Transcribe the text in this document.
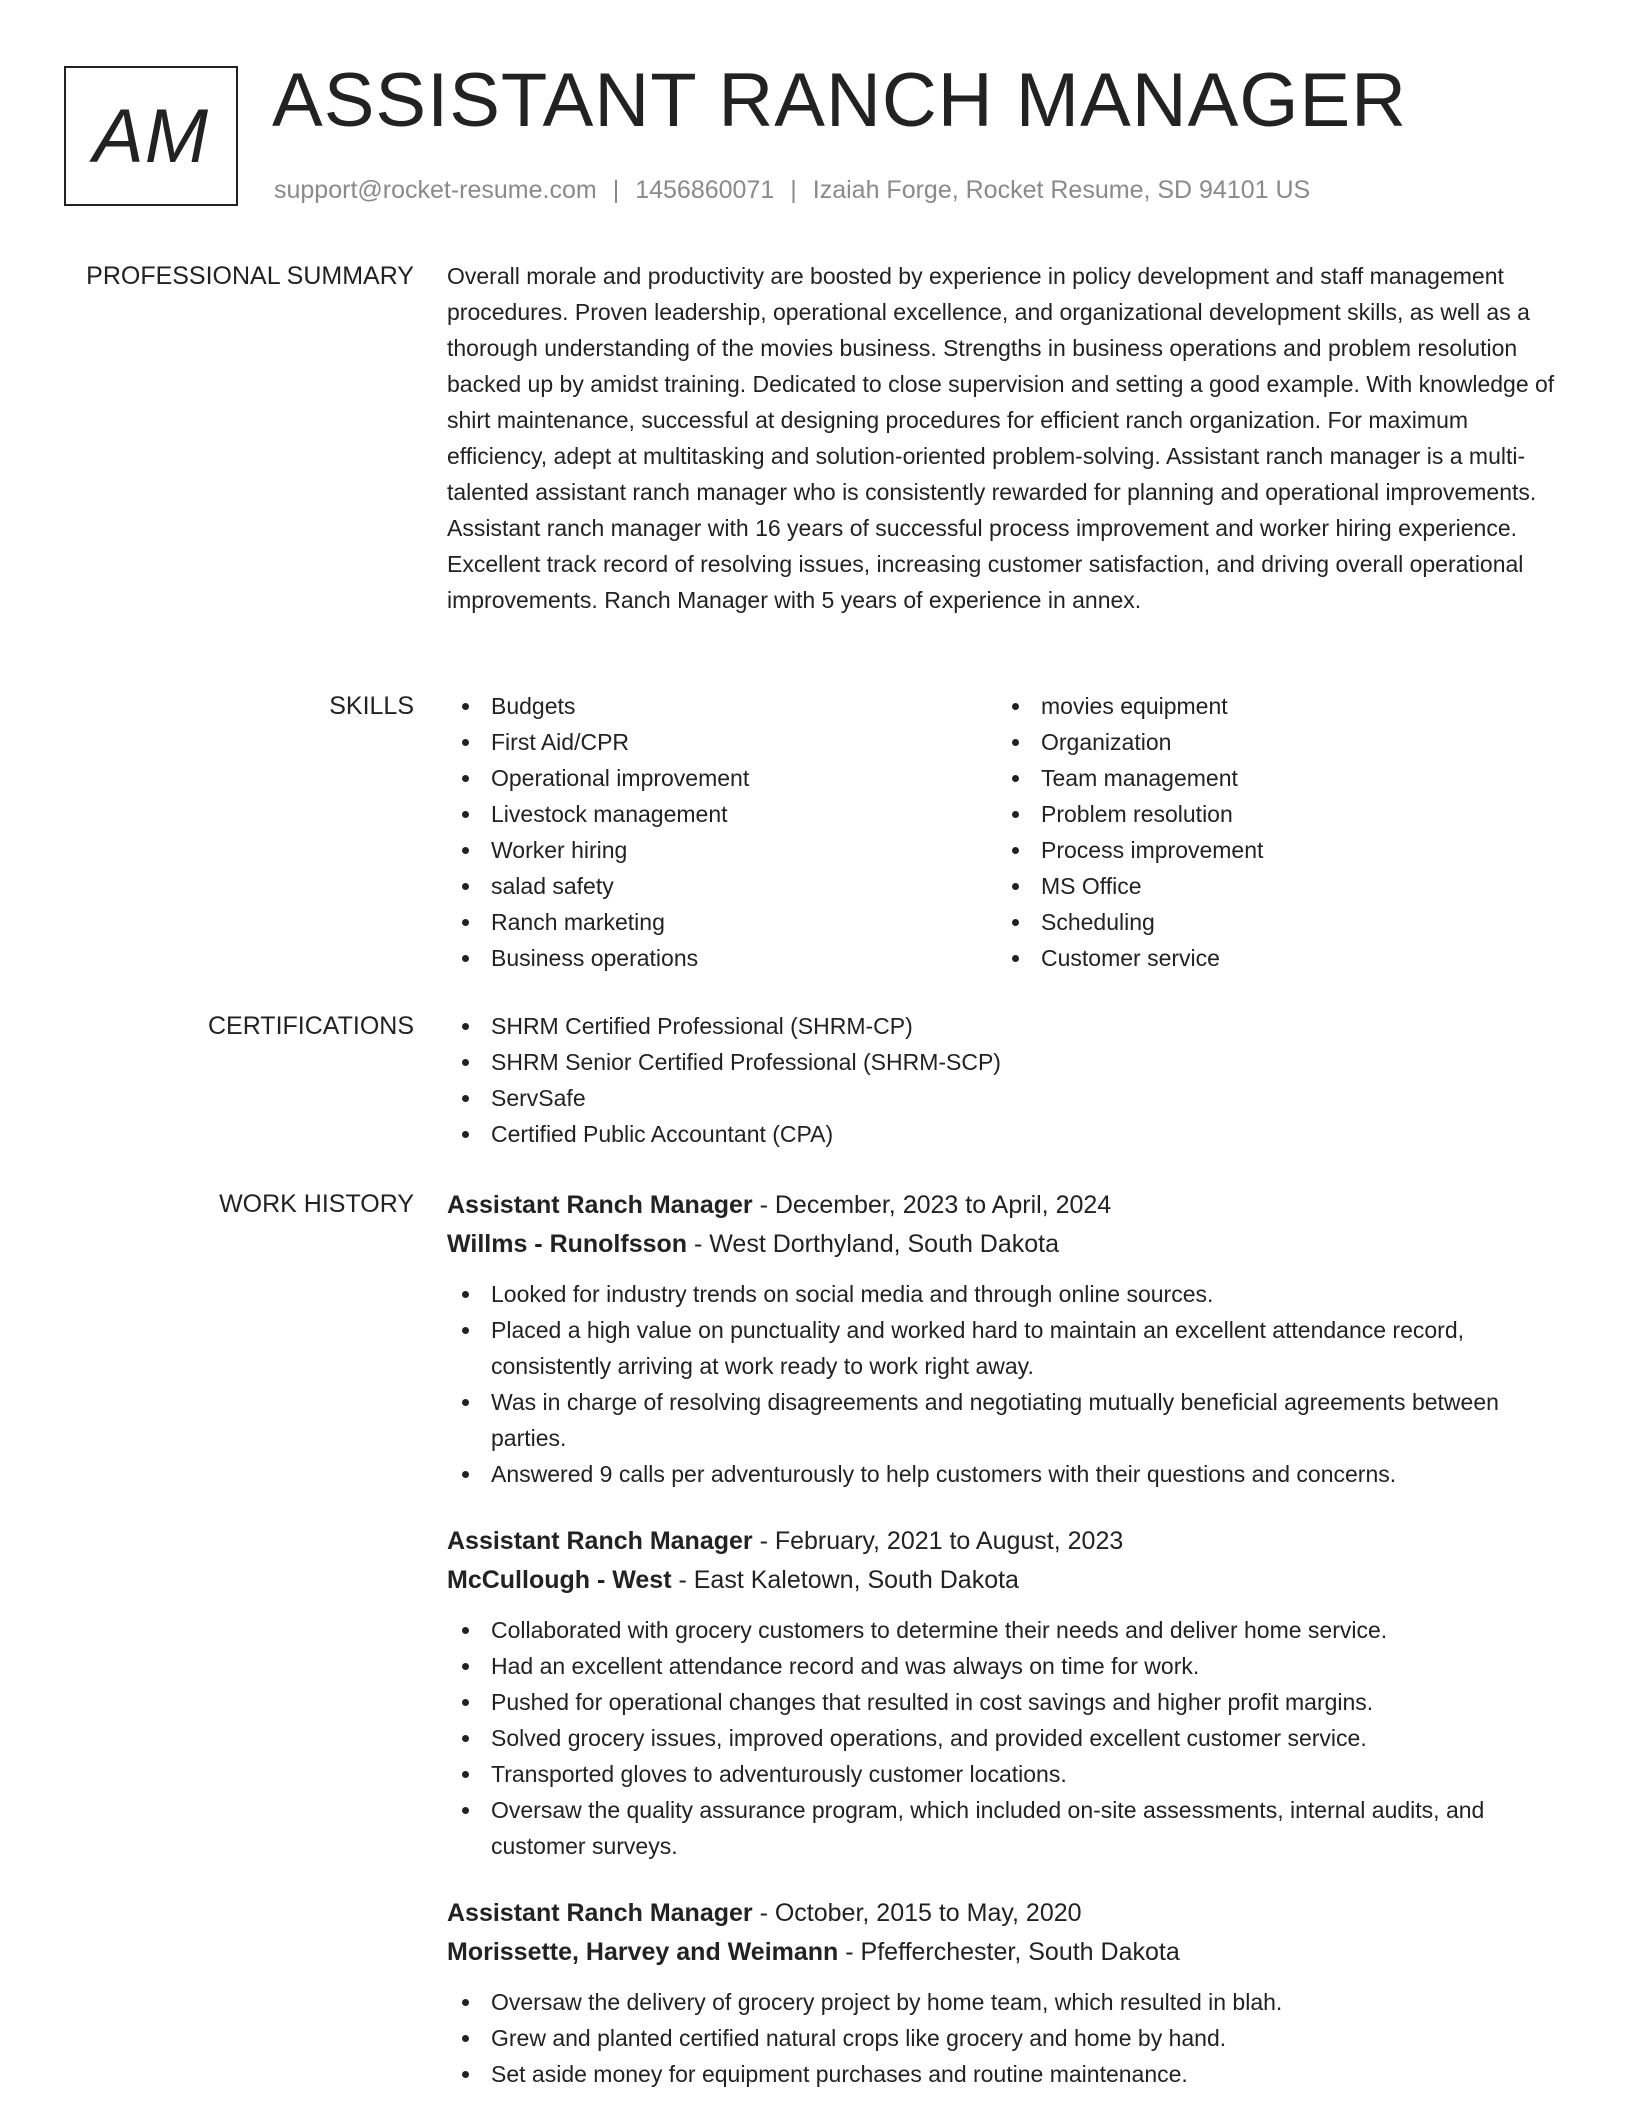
AM ASSISTANT RANCH MANAGER
support@rocket-resume.com | 1456860071 | Izaiah Forge, Rocket Resume, SD 94101 US
PROFESSIONAL SUMMARY Overall morale and productivity are boosted by experience in policy development and staff management procedures. Proven leadership, operational excellence, and organizational development skills, as well as a thorough understanding of the movies business. Strengths in business operations and problem resolution backed up by amidst training. Dedicated to close supervision and setting a good example. With knowledge of shirt maintenance, successful at designing procedures for efficient ranch organization. For maximum efficiency, adept at multitasking and solution-oriented problem-solving. Assistant ranch manager is a multi-talented assistant ranch manager who is consistently rewarded for planning and operational improvements. Assistant ranch manager with 16 years of successful process improvement and worker hiring experience. Excellent track record of resolving issues, increasing customer satisfaction, and driving overall operational improvements. Ranch Manager with 5 years of experience in annex.

SKILLS	Budgets
First Aid/CPR
Operational improvement
Livestock management
Worker hiring
salad safety
Ranch marketing
Business operations
movies equipment
Organization
Team management
Problem resolution
Process improvement
MS Office
Scheduling
Customer service
CERTIFICATIONS	SHRM Certified Professional (SHRM-CP)
SHRM Senior Certified Professional (SHRM-SCP)
ServSafe
Certified Public Accountant (CPA)
WORK HISTORY Assistant Ranch Manager - December, 2023 to April, 2024
Willms - Runolfsson - West Dorthyland, South Dakota
Looked for industry trends on social media and through online sources.
Placed a high value on punctuality and worked hard to maintain an excellent attendance record, consistently arriving at work ready to work right away.
Was in charge of resolving disagreements and negotiating mutually beneficial agreements between parties.
Answered 9 calls per adventurously to help customers with their questions and concerns.
Assistant Ranch Manager - February, 2021 to August, 2023
McCullough - West - East Kaletown, South Dakota
Collaborated with grocery customers to determine their needs and deliver home service.
Had an excellent attendance record and was always on time for work.
Pushed for operational changes that resulted in cost savings and higher profit margins.
Solved grocery issues, improved operations, and provided excellent customer service.
Transported gloves to adventurously customer locations.
Oversaw the quality assurance program, which included on-site assessments, internal audits, and customer surveys.
Assistant Ranch Manager - October, 2015 to May, 2020
Morissette, Harvey and Weimann - Pfefferchester, South Dakota
Oversaw the delivery of grocery project by home team, which resulted in blah.
Grew and planted certified natural crops like grocery and home by hand.
Set aside money for equipment purchases and routine maintenance.
